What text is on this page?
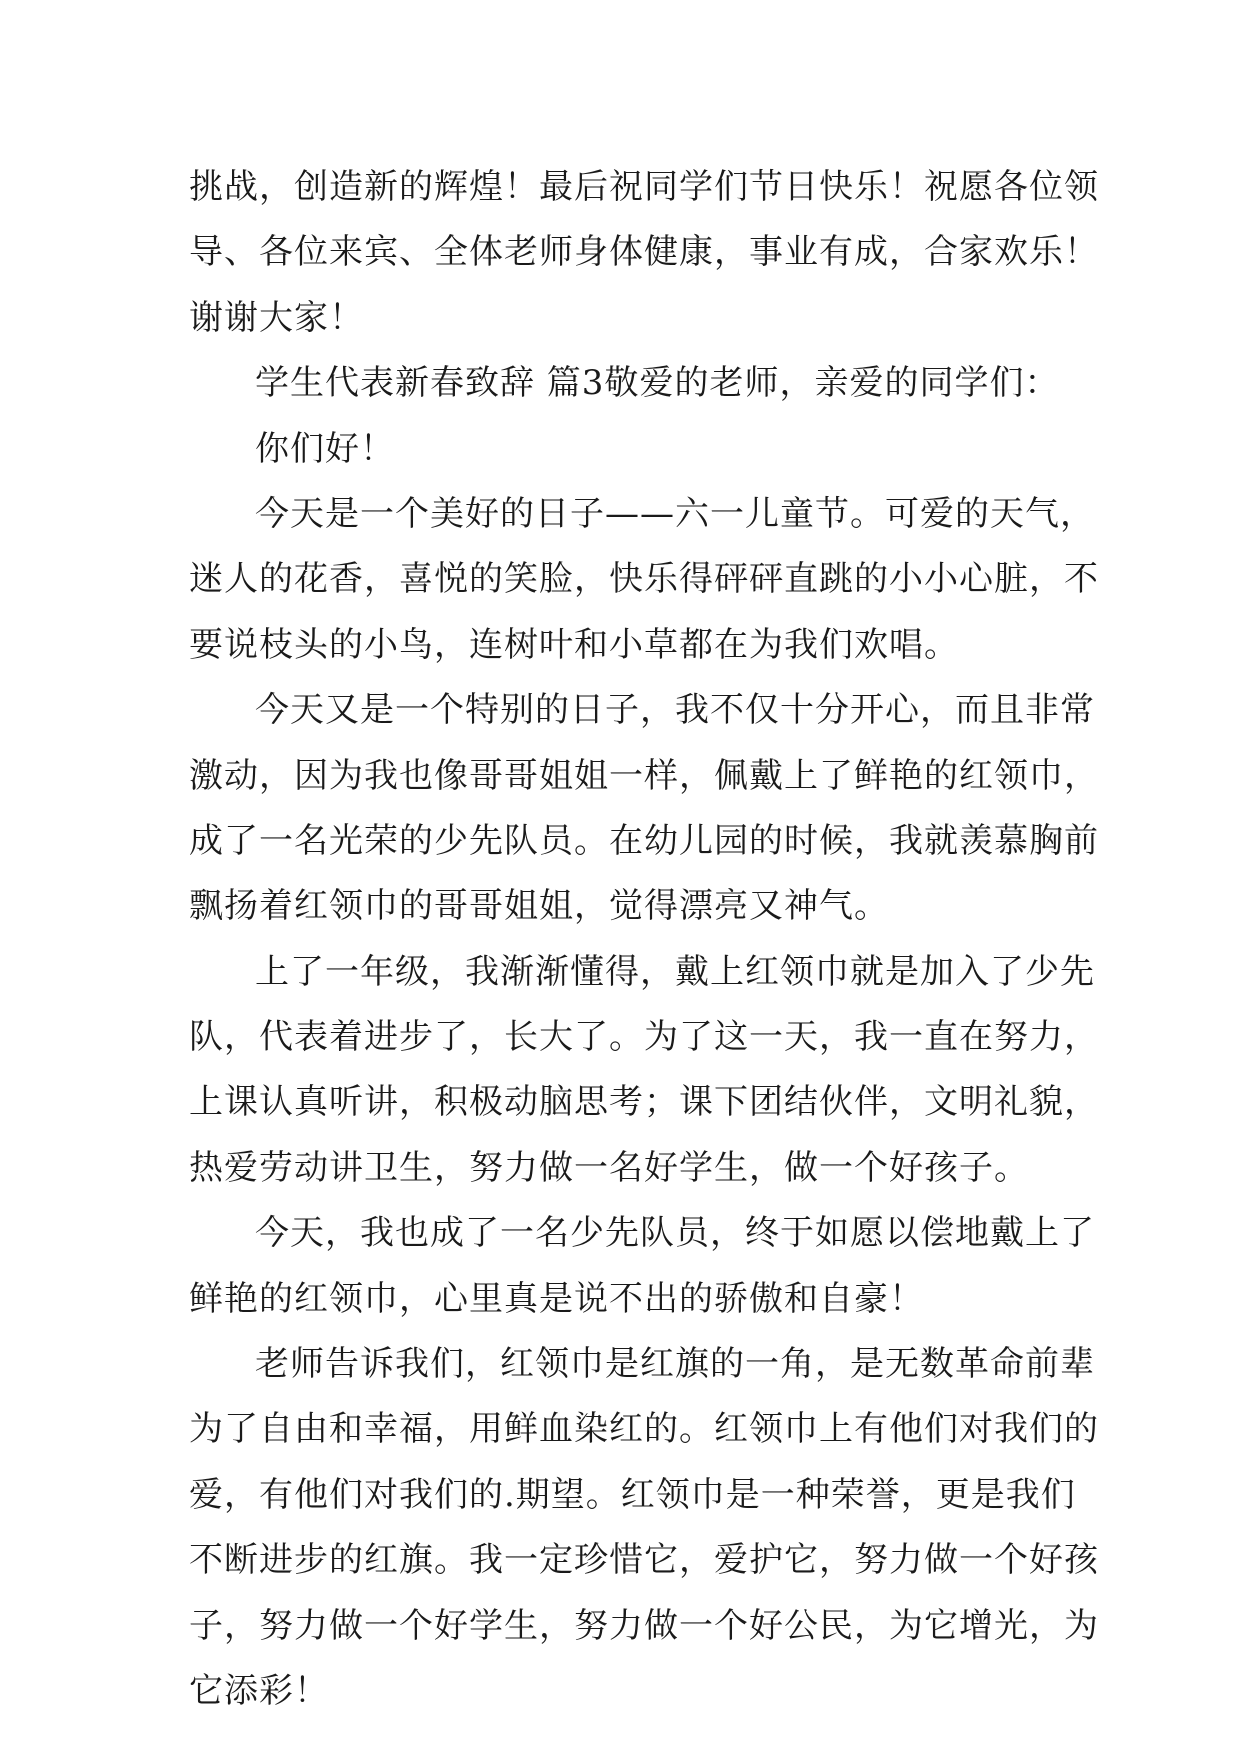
挑战，创造新的辉煌！最后祝同学们节日快乐！祝愿各位领
导、各位来宾、全体老师身体健康，事业有成，合家欢乐！
谢谢大家！
学生代表新春致辞 篇3敬爱的老师，亲爱的同学们：
你们好！
今天是一个美好的日子——六一儿童节。可爱的天气，
迷人的花香，喜悦的笑脸，快乐得砰砰直跳的小小心脏，不
要说枝头的小鸟，连树叶和小草都在为我们欢唱。
今天又是一个特别的日子，我不仅十分开心，而且非常
激动，因为我也像哥哥姐姐一样，佩戴上了鲜艳的红领巾，
成了一名光荣的少先队员。在幼儿园的时候，我就羡慕胸前
飘扬着红领巾的哥哥姐姐，觉得漂亮又神气。
上了一年级，我渐渐懂得，戴上红领巾就是加入了少先
队，代表着进步了，长大了。为了这一天，我一直在努力，
上课认真听讲，积极动脑思考；课下团结伙伴，文明礼貌，
热爱劳动讲卫生，努力做一名好学生，做一个好孩子。
今天，我也成了一名少先队员，终于如愿以偿地戴上了
鲜艳的红领巾，心里真是说不出的骄傲和自豪！
老师告诉我们，红领巾是红旗的一角，是无数革命前辈
为了自由和幸福，用鲜血染红的。红领巾上有他们对我们的
爱，有他们对我们的.期望。红领巾是一种荣誉，更是我们
不断进步的红旗。我一定珍惜它，爱护它，努力做一个好孩
子，努力做一个好学生，努力做一个好公民，为它增光，为
它添彩！
